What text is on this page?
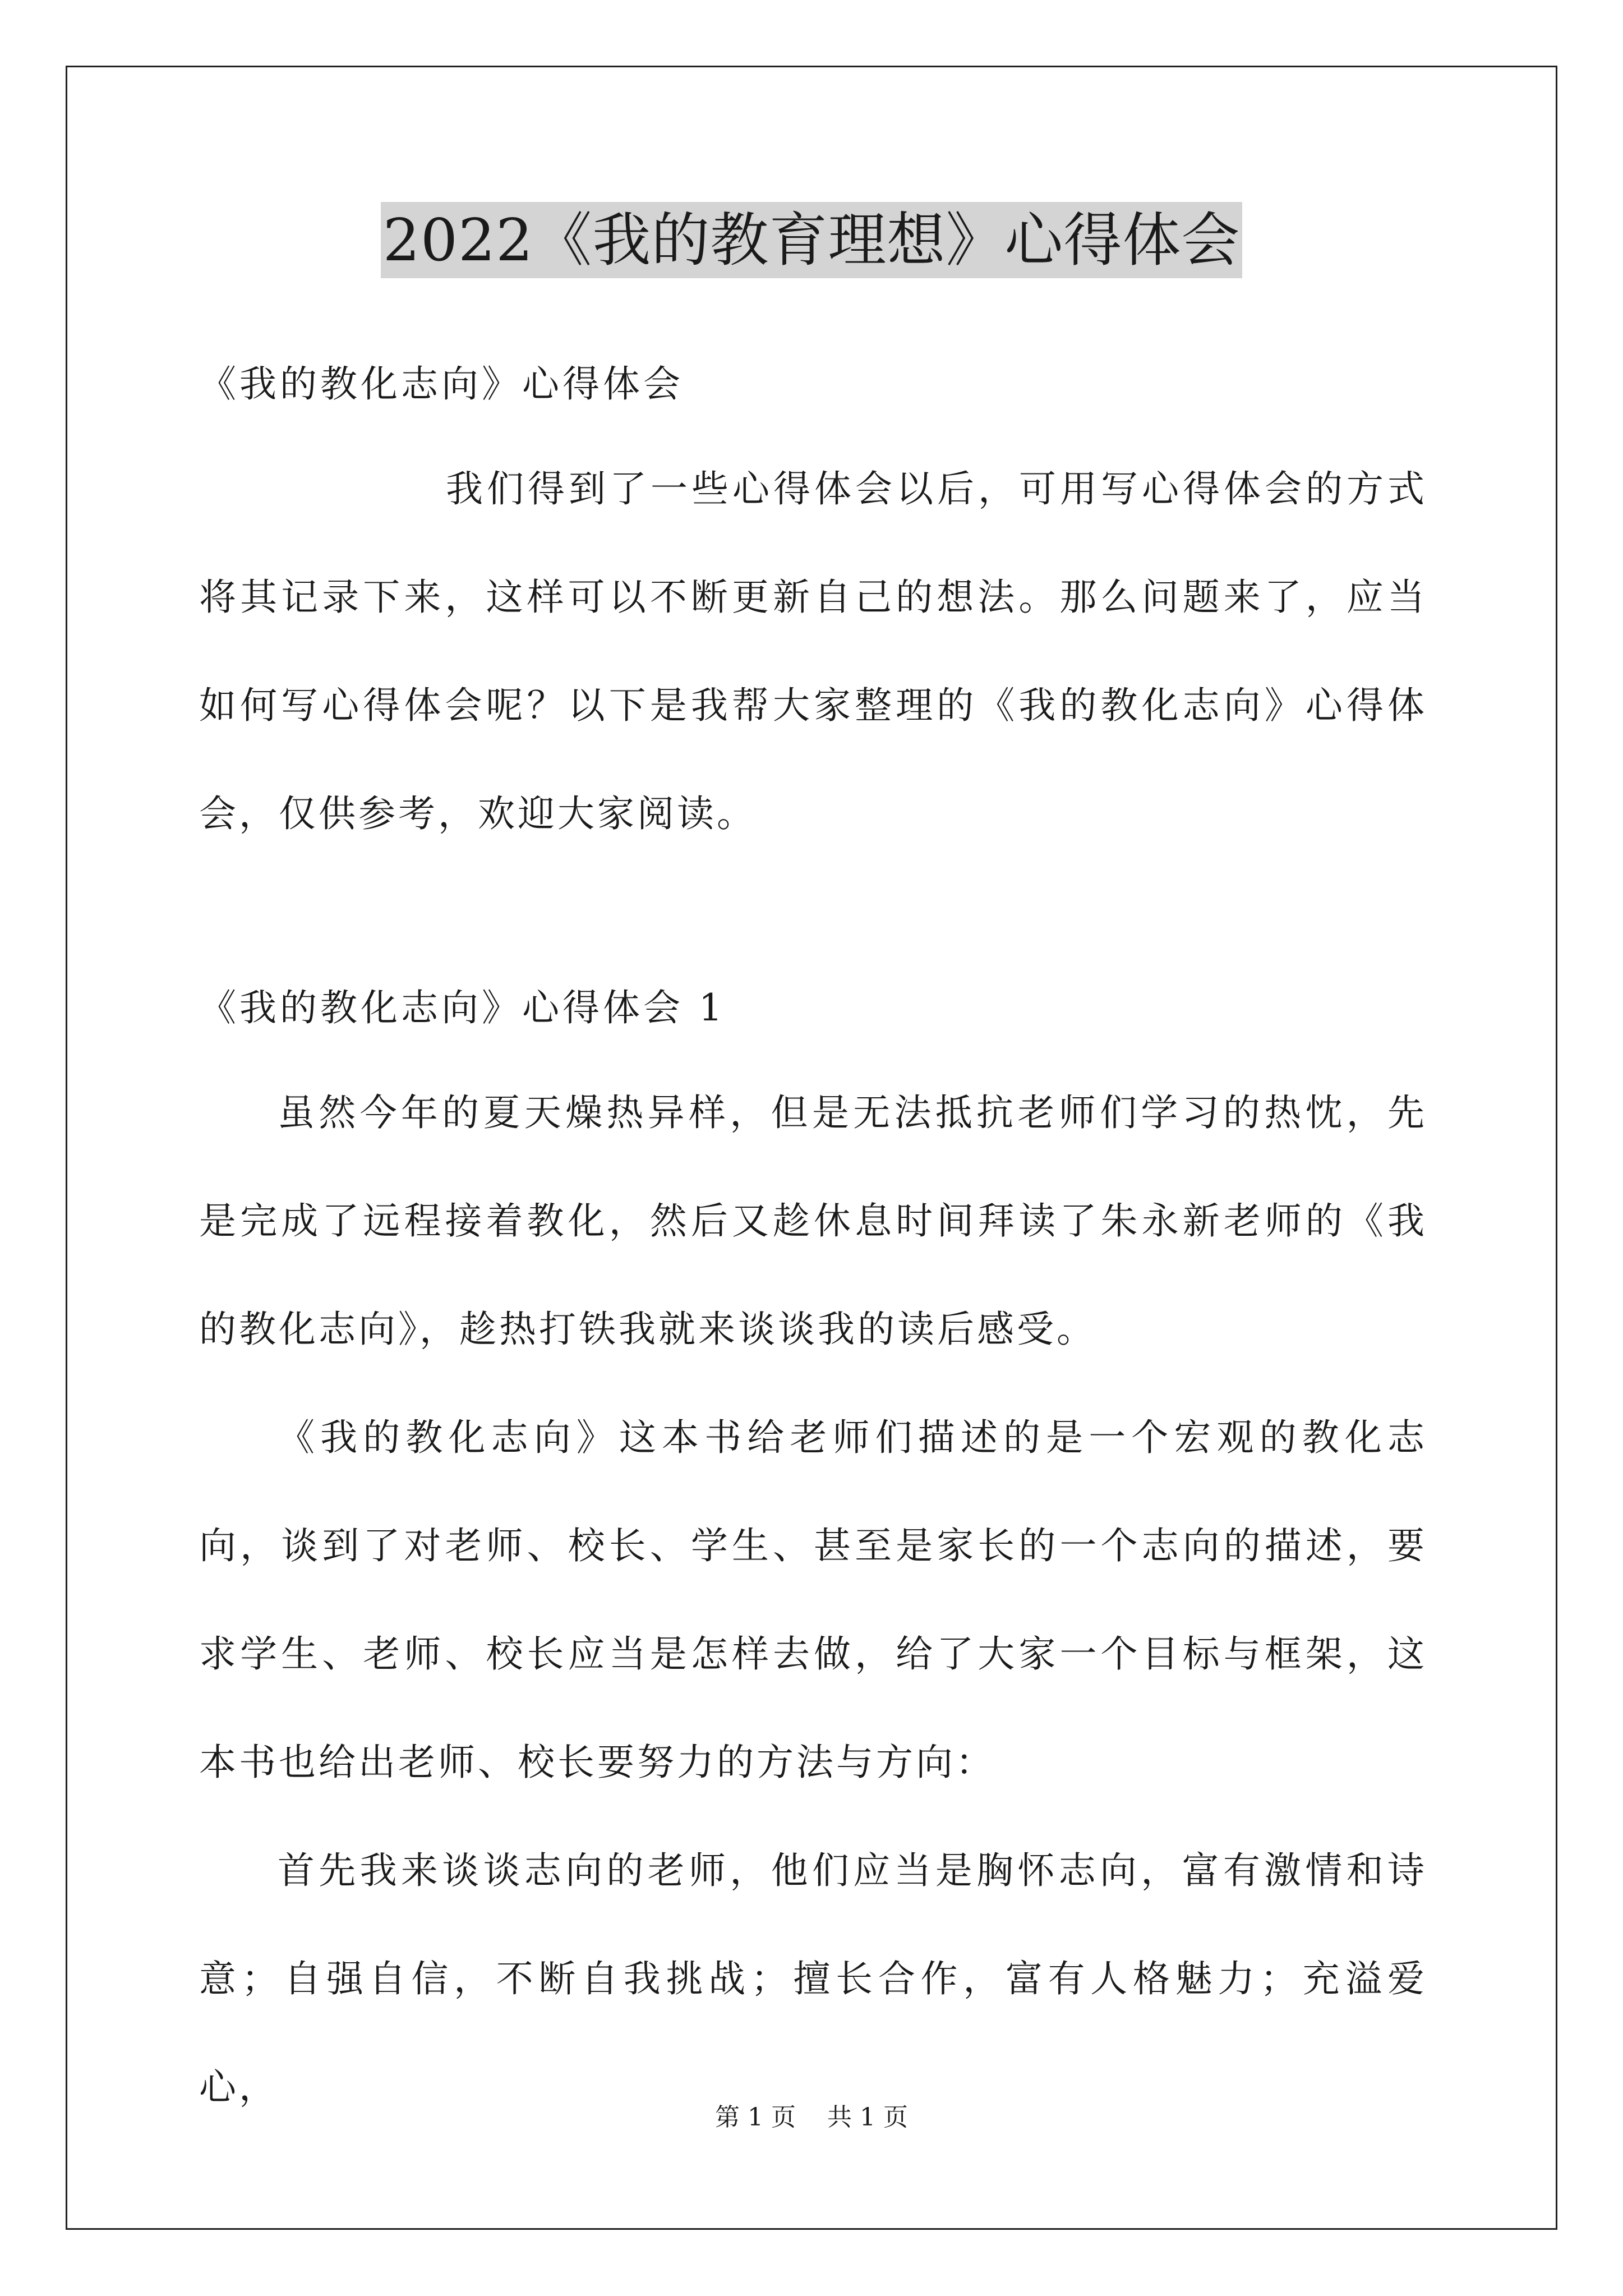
2022《我的教育理想》心得体会

《我的教化志向》心得体会

我们得到了一些心得体会以后，可用写心得体会的方式将其记录下来，这样可以不断更新自己的想法。那么问题来了，应当如何写心得体会呢？以下是我帮大家整理的《我的教化志向》心得体会，仅供参考，欢迎大家阅读。

《我的教化志向》心得体会 1

虽然今年的夏天燥热异样，但是无法抵抗老师们学习的热忱，先是完成了远程接着教化，然后又趁休息时间拜读了朱永新老师的《我的教化志向》，趁热打铁我就来谈谈我的读后感受。

《我的教化志向》这本书给老师们描述的是一个宏观的教化志向，谈到了对老师、校长、学生、甚至是家长的一个志向的描述，要求学生、老师、校长应当是怎样去做，给了大家一个目标与框架，这本书也给出老师、校长要努力的方法与方向：

首先我来谈谈志向的老师，他们应当是胸怀志向，富有激情和诗意；自强自信，不断自我挑战；擅长合作，富有人格魅力；充溢爱心，

第 1 页 共 1 页
